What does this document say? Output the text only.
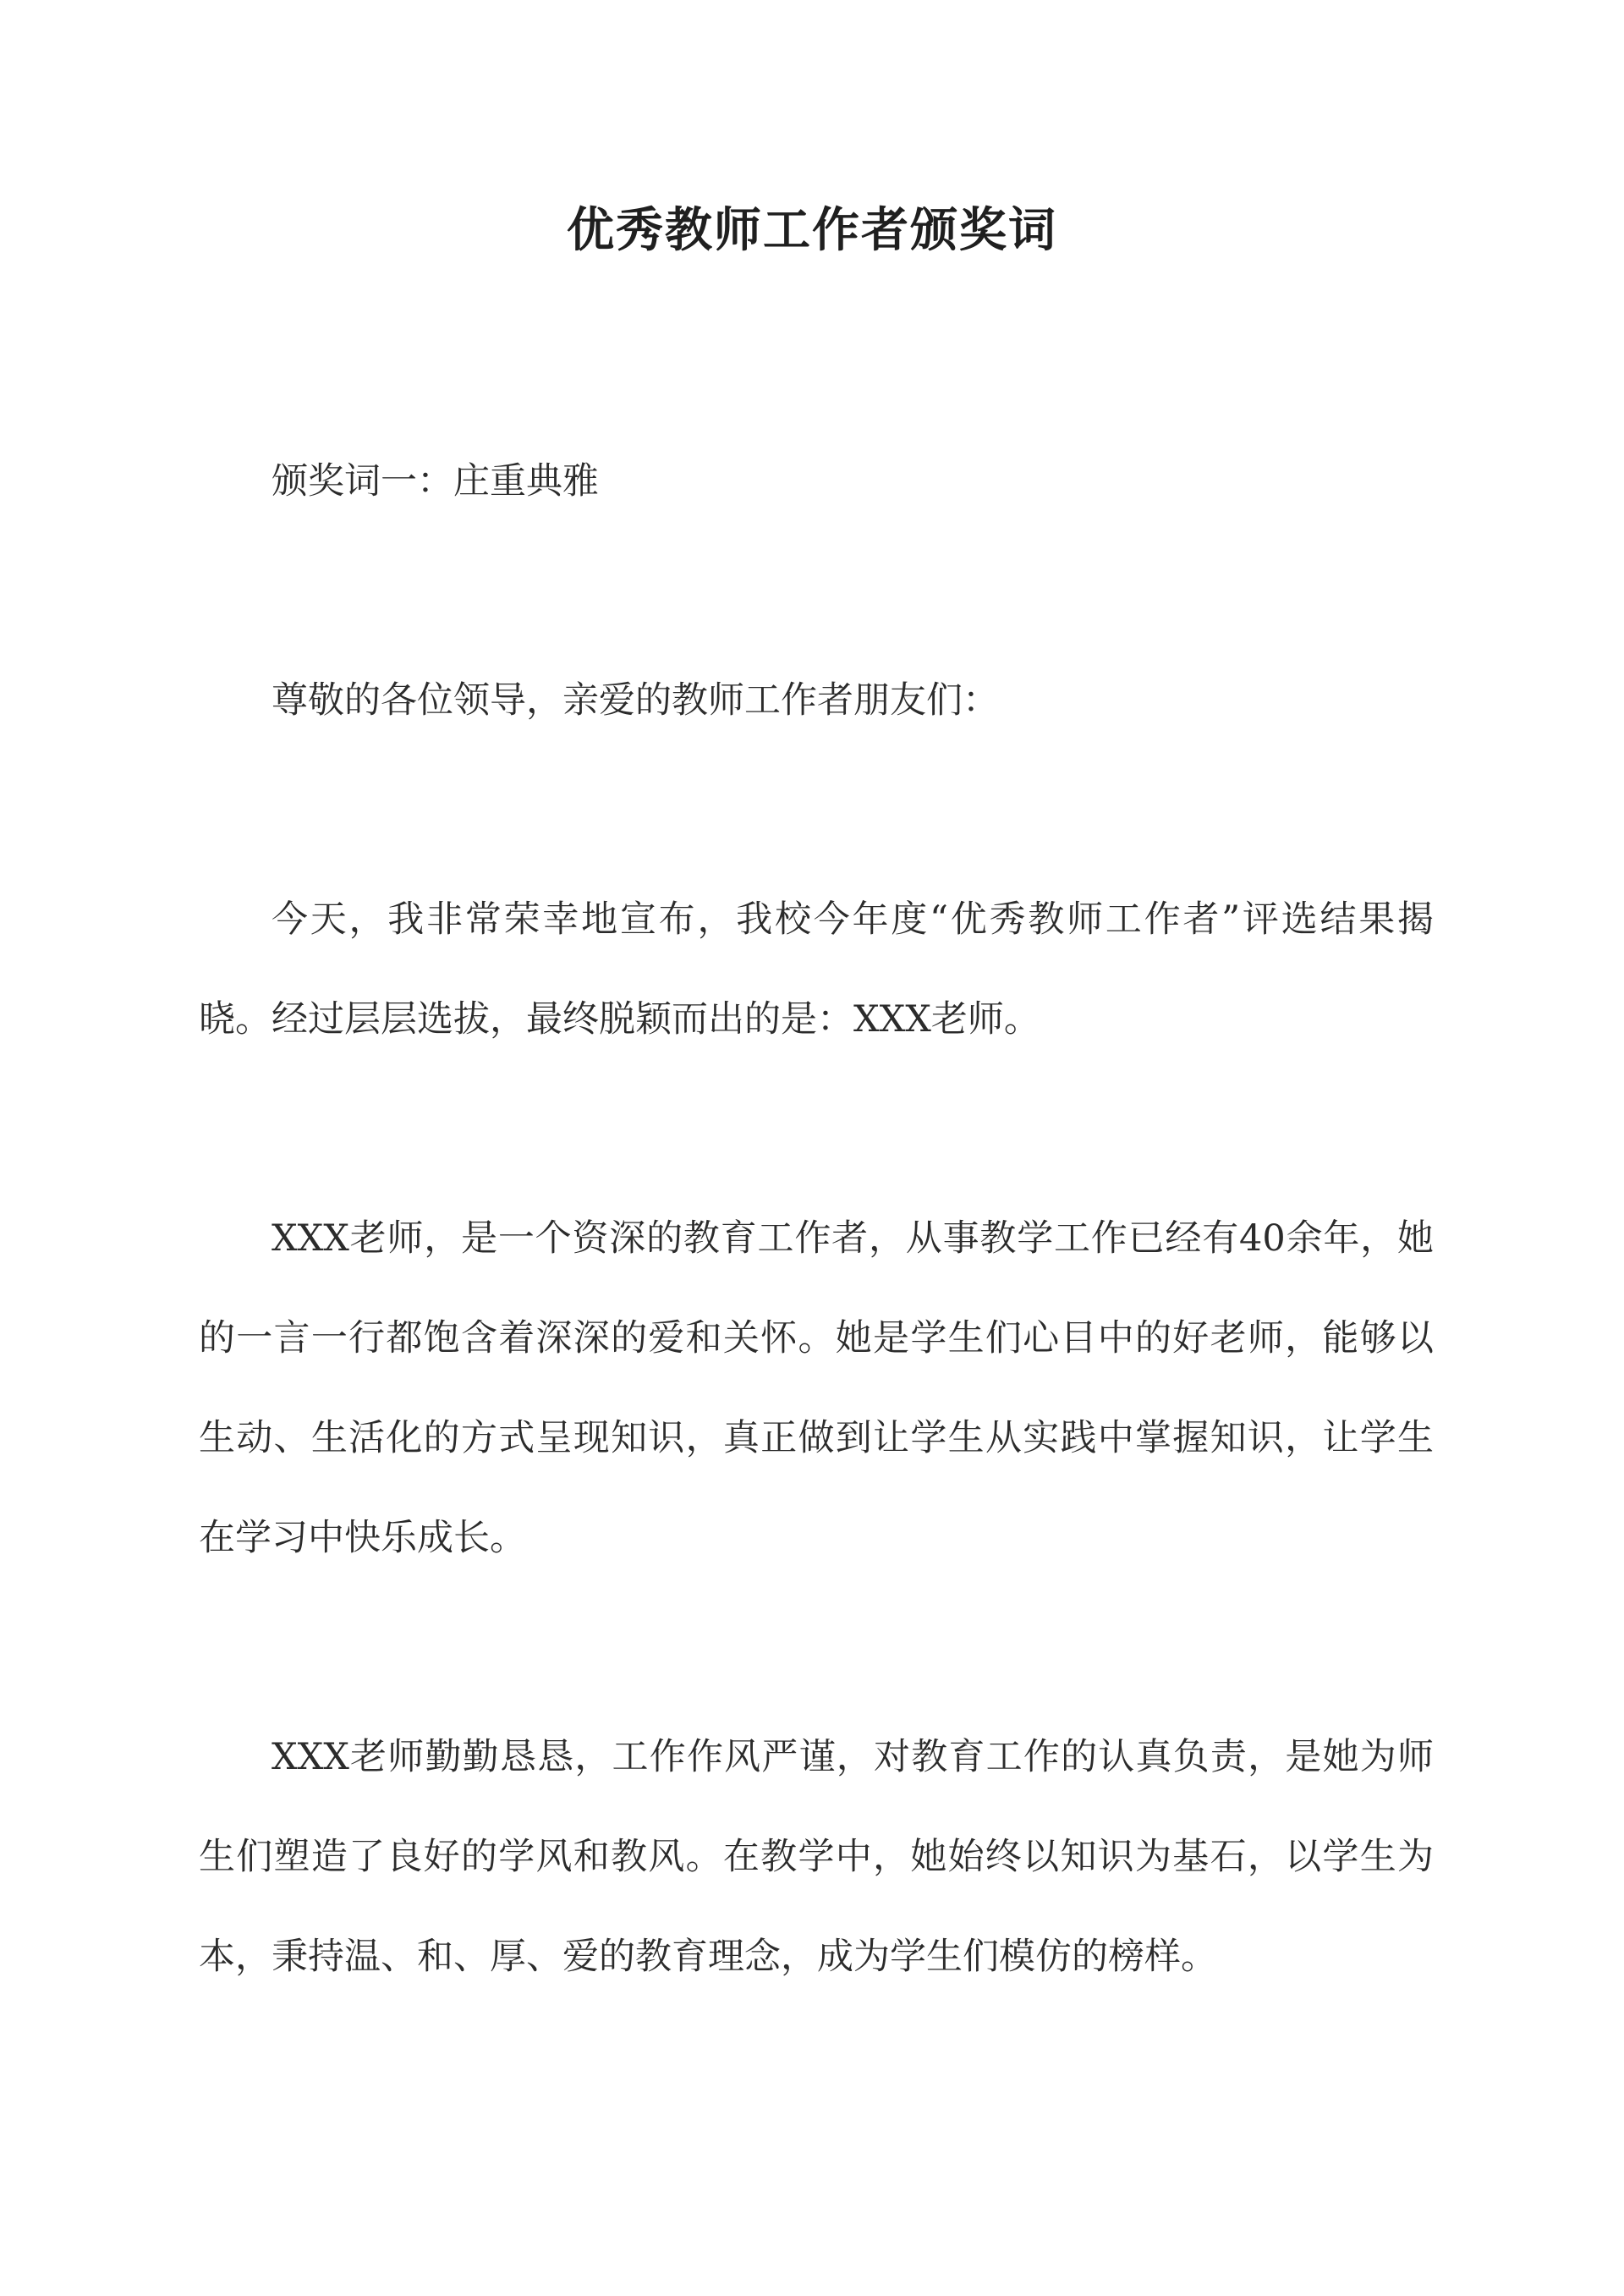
优秀教师工作者颁奖词

颁奖词一：庄重典雅

尊敬的各位领导，亲爱的教师工作者朋友们：

今天，我非常荣幸地宣布，我校今年度“优秀教师工作者”评选结果揭晓。经过层层选拔，最终脱颖而出的是：XXX老师。

XXX老师，是一个资深的教育工作者，从事教学工作已经有40余年，她的一言一行都饱含着深深的爱和关怀。她是学生们心目中的好老师，能够以生动、生活化的方式呈现知识，真正做到让学生从实践中掌握知识，让学生在学习中快乐成长。

XXX老师勤勤恳恳，工作作风严谨，对教育工作的认真负责，是她为师生们塑造了良好的学风和教风。在教学中，她始终以知识为基石，以学生为本，秉持温、和、厚、爱的教育理念，成为学生们模仿的榜样。
